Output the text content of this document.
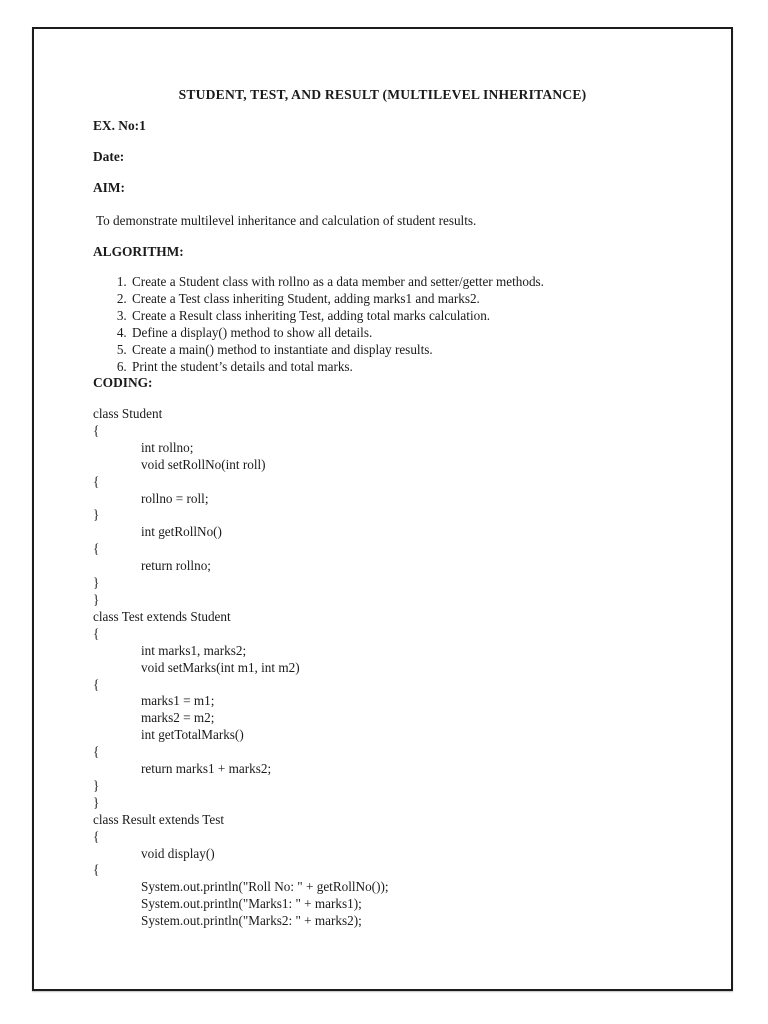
STUDENT, TEST, AND RESULT (MULTILEVEL INHERITANCE)
EX. No:1
Date:
AIM:
To demonstrate multilevel inheritance and calculation of student results.
ALGORITHM:
1. Create a Student class with rollno as a data member and setter/getter methods.
2. Create a Test class inheriting Student, adding marks1 and marks2.
3. Create a Result class inheriting Test, adding total marks calculation.
4. Define a display() method to show all details.
5. Create a main() method to instantiate and display results.
6. Print the student’s details and total marks.
CODING:
class Student
{
int rollno;
void setRollNo(int roll)
{
rollno = roll;
}
int getRollNo()
{
return rollno;
}
}
class Test extends Student
{
int marks1, marks2;
void setMarks(int m1, int m2)
{
marks1 = m1;
marks2 = m2;
int getTotalMarks()
{
return marks1 + marks2;
}
}
class Result extends Test
{
void display()
{
System.out.println("Roll No: " + getRollNo());
System.out.println("Marks1: " + marks1);
System.out.println("Marks2: " + marks2);
